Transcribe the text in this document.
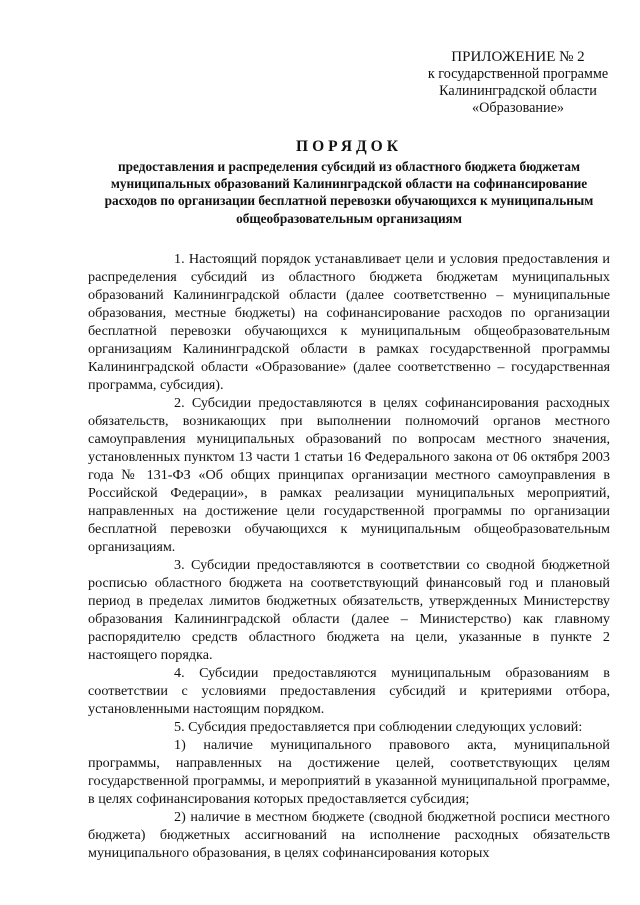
ПРИЛОЖЕНИЕ № 2
к государственной программе
Калининградской области
«Образование»
ПОРЯДОК
предоставления и распределения субсидий из областного бюджета бюджетам муниципальных образований Калининградской области на софинансирование расходов по организации бесплатной перевозки обучающихся к муниципальным общеобразовательным организациям

1. Настоящий порядок устанавливает цели и условия предоставления и распределения субсидий из областного бюджета бюджетам муниципальных образований Калининградской области (далее соответственно – муниципальные образования, местные бюджеты) на софинансирование расходов по организации бесплатной перевозки обучающихся к муниципальным общеобразовательным организациям Калининградской области в рамках государственной программы Калининградской области «Образование» (далее соответственно – государственная программа, субсидия).

2. Субсидии предоставляются в целях софинансирования расходных обязательств, возникающих при выполнении полномочий органов местного самоуправления муниципальных образований по вопросам местного значения, установленных пунктом 13 части 1 статьи 16 Федерального закона от 06 октября 2003 года № 131-ФЗ «Об общих принципах организации местного самоуправления в Российской Федерации», в рамках реализации муниципальных мероприятий, направленных на достижение цели государственной программы по организации бесплатной перевозки обучающихся к муниципальным общеобразовательным организациям.

3. Субсидии предоставляются в соответствии со сводной бюджетной росписью областного бюджета на соответствующий финансовый год и плановый период в пределах лимитов бюджетных обязательств, утвержденных Министерству образования Калининградской области (далее – Министерство) как главному распорядителю средств областного бюджета на цели, указанные в пункте 2 настоящего порядка.

4. Субсидии предоставляются муниципальным образованиям в соответствии с условиями предоставления субсидий и критериями отбора, установленными настоящим порядком.

5. Субсидия предоставляется при соблюдении следующих условий:

1) наличие муниципального правового акта, муниципальной программы, направленных на достижение целей, соответствующих целям государственной программы, и мероприятий в указанной муниципальной программе, в целях софинансирования которых предоставляется субсидия;

2) наличие в местном бюджете (сводной бюджетной росписи местного бюджета) бюджетных ассигнований на исполнение расходных обязательств муниципального образования, в целях софинансирования которых
